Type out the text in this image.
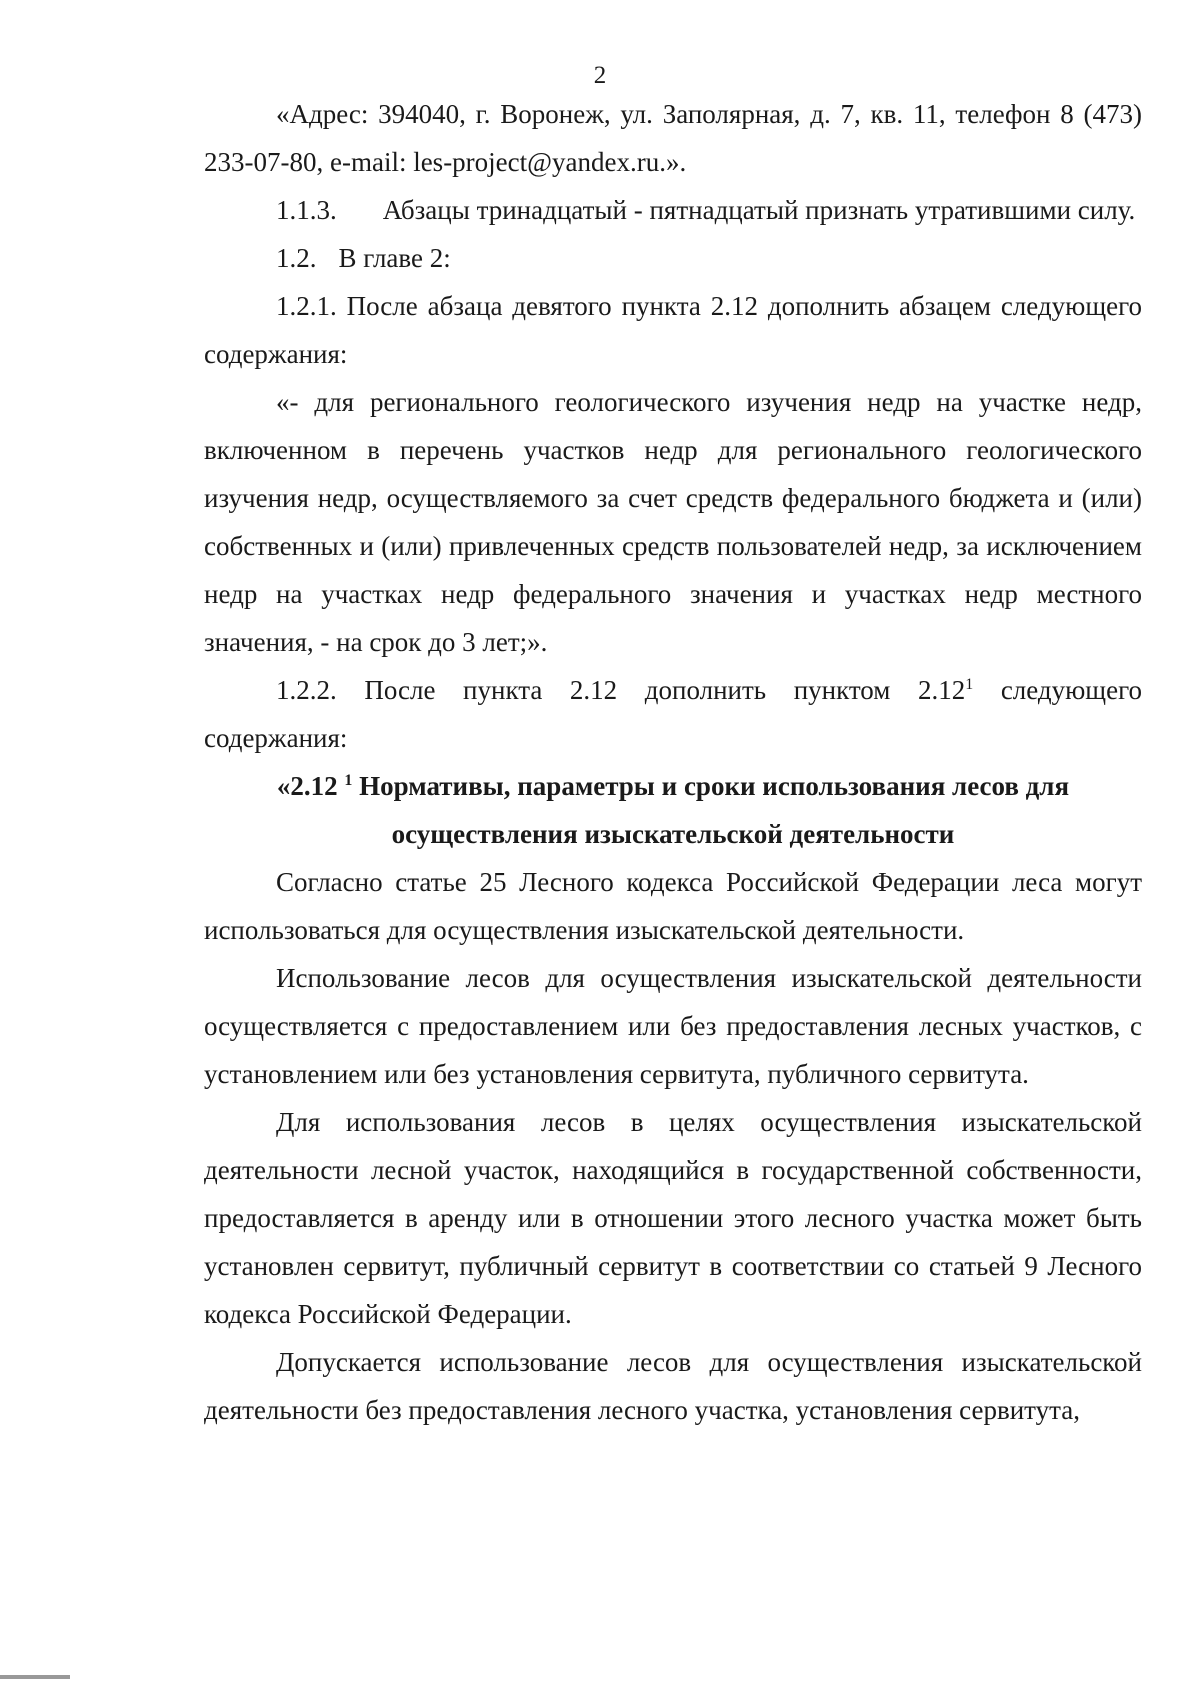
2

«Адрес: 394040, г. Воронеж, ул. Заполярная, д. 7, кв. 11, телефон 8 (473) 233-07-80, e-mail: les-project@yandex.ru.».

1.1.3. Абзацы тринадцатый - пятнадцатый признать утратившими силу.

1.2. В главе 2:

1.2.1. После абзаца девятого пункта 2.12 дополнить абзацем следующего содержания:

«- для регионального геологического изучения недр на участке недр, включенном в перечень участков недр для регионального геологического изучения недр, осуществляемого за счет средств федерального бюджета и (или) собственных и (или) привлеченных средств пользователей недр, за исключением недр на участках недр федерального значения и участках недр местного значения, - на срок до 3 лет;».

1.2.2. После пункта 2.12 дополнить пунктом 2.12$^1$ следующего содержания:

«2.12 $^1$ Нормативы, параметры и сроки использования лесов для осуществления изыскательской деятельности

Согласно статье 25 Лесного кодекса Российской Федерации леса могут использоваться для осуществления изыскательской деятельности.

Использование лесов для осуществления изыскательской деятельности осуществляется с предоставлением или без предоставления лесных участков, с установлением или без установления сервитута, публичного сервитута.

Для использования лесов в целях осуществления изыскательской деятельности лесной участок, находящийся в государственной собственности, предоставляется в аренду или в отношении этого лесного участка может быть установлен сервитут, публичный сервитут в соответствии со статьей 9 Лесного кодекса Российской Федерации.

Допускается использование лесов для осуществления изыскательской деятельности без предоставления лесного участка, установления сервитута,
